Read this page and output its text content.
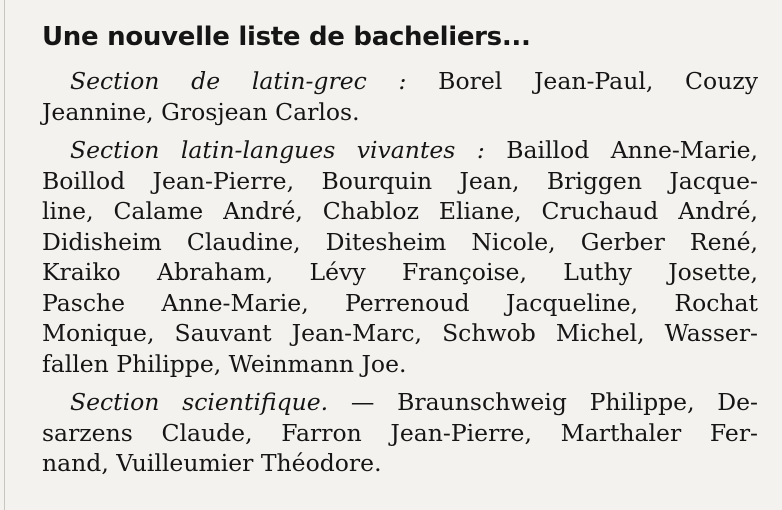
Une nouvelle liste de bacheliers...
Section de latin-grec : Borel Jean-Paul, Couzy
Jeannine, Grosjean Carlos.
Section latin-langues vivantes : Baillod Anne-Marie,
Boillod Jean-Pierre, Bourquin Jean, Briggen Jacque-
line, Calame André, Chabloz Eliane, Cruchaud André,
Didisheim Claudine, Ditesheim Nicole, Gerber René,
Kraiko Abraham, Lévy Françoise, Luthy Josette,
Pasche Anne-Marie, Perrenoud Jacqueline, Rochat
Monique, Sauvant Jean-Marc, Schwob Michel, Wasser-
fallen Philippe, Weinmann Joe.
Section scientifique. — Braunschweig Philippe, De-
sarzens Claude, Farron Jean-Pierre, Marthaler Fer-
nand, Vuilleumier Théodore.
